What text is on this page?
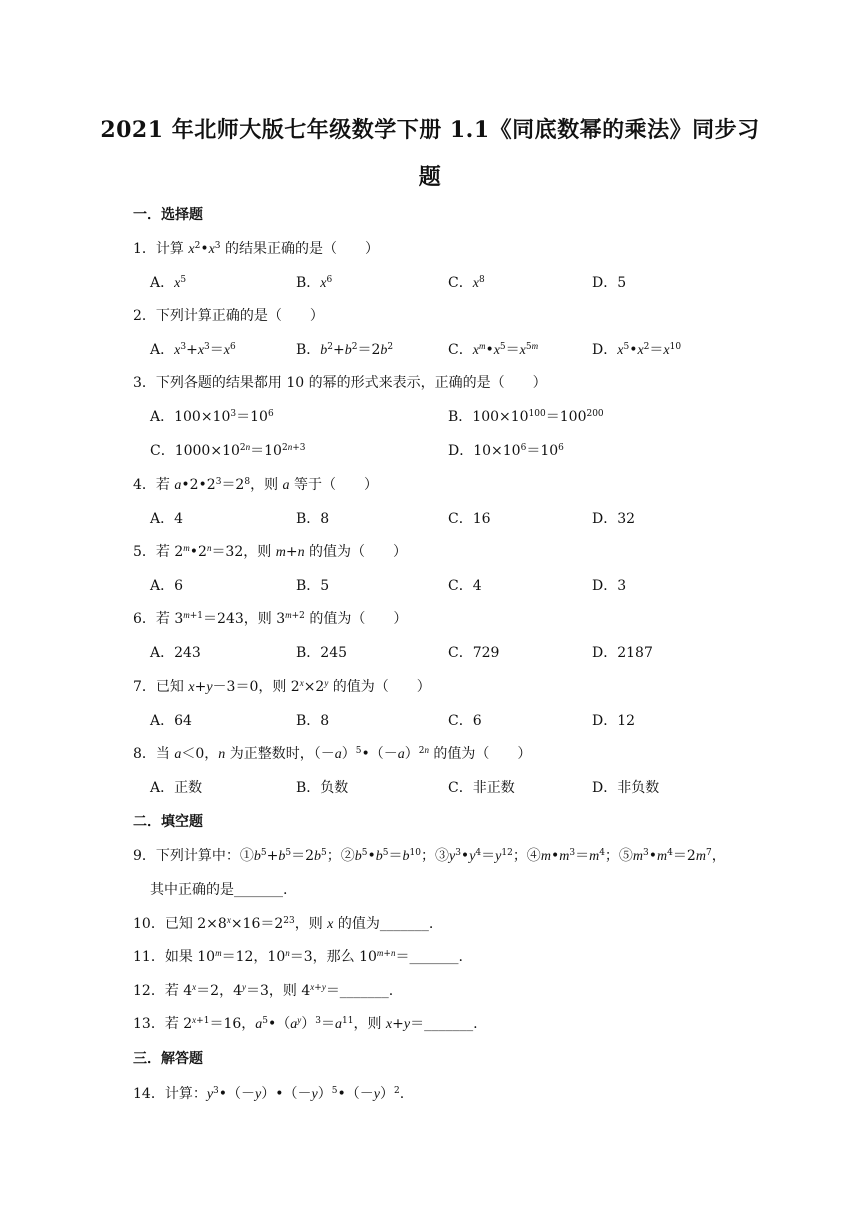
2021 年北师大版七年级数学下册 1.1《同底数幂的乘法》同步习
题
一．选择题
1．计算 $x^2•x^3$ 的结果正确的是（　　）
A．$x^5$	B．$x^6$	C．$x^8$	D．5
2．下列计算正确的是（　　）
A．$x^3+x^3=x^6$	B．$b^2+b^2=2b^2$	C．$x^m•x^5=x^{5m}$	D．$x^5•x^2=x^{10}$
3．下列各题的结果都用 10 的幂的形式来表示，正确的是（　　）
A．$100\times 10^3=10^6$	B．$100\times 10^{100}=100^{200}$
C．$1000\times 10^{2n}=10^{2n+3}$	D．$10\times 10^6=10^6$
4．若 $a•2•2^3=2^8$，则 a 等于（　　）
A．4	B．8	C．16	D．32
5．若 $2^m•2^n=32$，则 m+n 的值为（　　）
A．6	B．5	C．4	D．3
6．若 $3^{m+1}=243$，则 $3^{m+2}$ 的值为（　　）
A．243	B．245	C．729	D．2187
7．已知 x+y－3＝0，则 $2^x\times 2^y$ 的值为（　　）
A．64	B．8	C．6	D．12
8．当 a＜0，n 为正整数时，$(-a)^5•(-a)^{2n}$ 的值为（　　）
A．正数	B．负数	C．非正数	D．非负数
二．填空题
9．下列计算中：$①b^5+b^5=2b^5$；$②b^5•b^5=b^{10}$；$③y^3•y^4=y^{12}$；$④m•m^3=m^4$；$⑤m^3•m^4=2m^7$，
其中正确的是_______.
10．已知 $2\times 8^x\times 16=2^{23}$，则 x 的值为_______.
11．如果 $10^m=12$，$10^n=3$，那么 $10^{m+n}=\_\_\_\_\_\_\_$.
12．若 $4^x=2$，$4^y=3$，则 $4^{x+y}=\_\_\_\_\_\_\_$.
13．若 $2^{x+1}=16$，$a^5•(a^y)^3=a^{11}$，则 x+y＝_______.
三．解答题
14．计算：$y^3•(-y)•(-y)^5•(-y)^2$.
